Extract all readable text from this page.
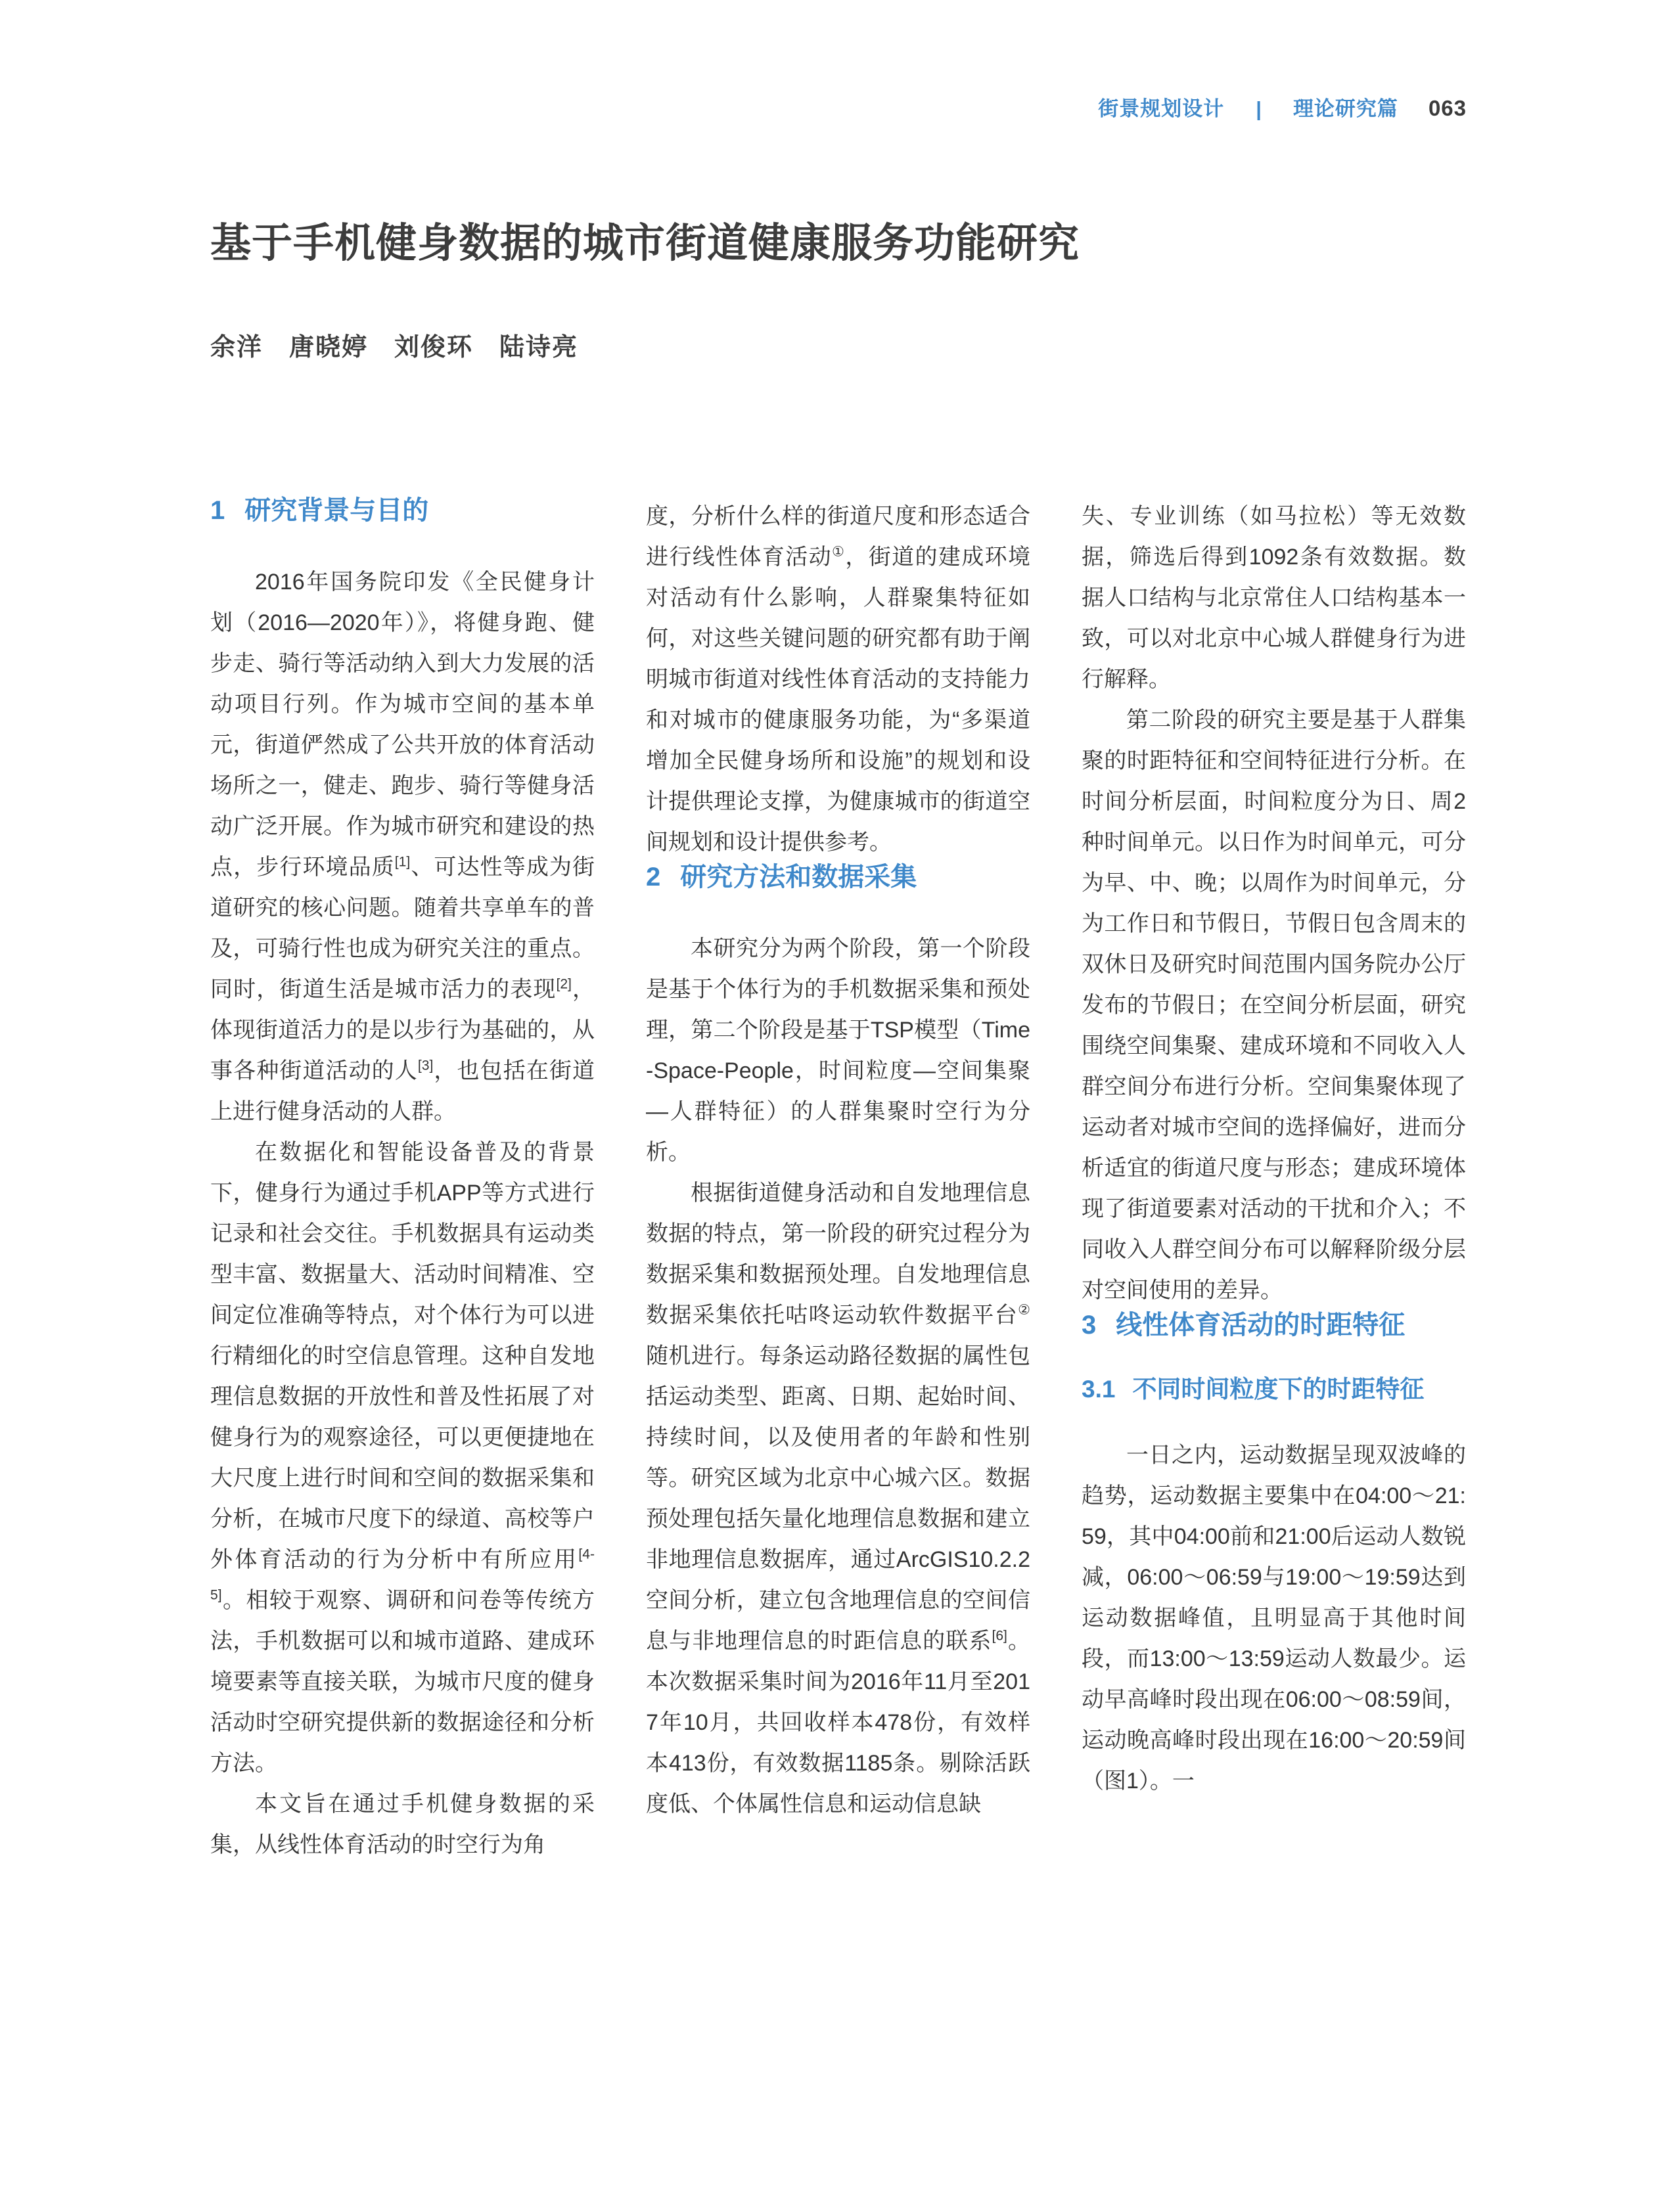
街景规划设计 | 理论研究篇 063
基于手机健身数据的城市街道健康服务功能研究
余洋　唐晓婷　刘俊环　陆诗亮
1 研究背景与目的

2016年国务院印发《全民健身计划（2016—2020年）》，将健身跑、健步走、骑行等活动纳入到大力发展的活动项目行列。作为城市空间的基本单元，街道俨然成了公共开放的体育活动场所之一，健走、跑步、骑行等健身活动广泛开展。作为城市研究和建设的热点，步行环境品质[1]、可达性等成为街道研究的核心问题。随着共享单车的普及，可骑行性也成为研究关注的重点。同时，街道生活是城市活力的表现[2]，体现街道活力的是以步行为基础的，从事各种街道活动的人[3]，也包括在街道上进行健身活动的人群。

在数据化和智能设备普及的背景下，健身行为通过手机APP等方式进行记录和社会交往。手机数据具有运动类型丰富、数据量大、活动时间精准、空间定位准确等特点，对个体行为可以进行精细化的时空信息管理。这种自发地理信息数据的开放性和普及性拓展了对健身行为的观察途径，可以更便捷地在大尺度上进行时间和空间的数据采集和分析，在城市尺度下的绿道、高校等户外体育活动的行为分析中有所应用[4-5]。相较于观察、调研和问卷等传统方法，手机数据可以和城市道路、建成环境要素等直接关联，为城市尺度的健身活动时空研究提供新的数据途径和分析方法。

本文旨在通过手机健身数据的采集，从线性体育活动的时空行为角

度，分析什么样的街道尺度和形态适合进行线性体育活动①，街道的建成环境对活动有什么影响，人群聚集特征如何，对这些关键问题的研究都有助于阐明城市街道对线性体育活动的支持能力和对城市的健康服务功能，为“多渠道增加全民健身场所和设施”的规划和设计提供理论支撑，为健康城市的街道空间规划和设计提供参考。

2 研究方法和数据采集

本研究分为两个阶段，第一个阶段是基于个体行为的手机数据采集和预处理，第二个阶段是基于TSP模型（Time-Space-People，时间粒度—空间集聚—人群特征）的人群集聚时空行为分析。

根据街道健身活动和自发地理信息数据的特点，第一阶段的研究过程分为数据采集和数据预处理。自发地理信息数据采集依托咕咚运动软件数据平台②随机进行。每条运动路径数据的属性包括运动类型、距离、日期、起始时间、持续时间，以及使用者的年龄和性别等。研究区域为北京中心城六区。数据预处理包括矢量化地理信息数据和建立非地理信息数据库，通过ArcGIS10.2.2空间分析，建立包含地理信息的空间信息与非地理信息的时距信息的联系[6]。本次数据采集时间为2016年11月至2017年10月，共回收样本478份，有效样本413份，有效数据1185条。剔除活跃度低、个体属性信息和运动信息缺

失、专业训练（如马拉松）等无效数据，筛选后得到1092条有效数据。数据人口结构与北京常住人口结构基本一致，可以对北京中心城人群健身行为进行解释。

第二阶段的研究主要是基于人群集聚的时距特征和空间特征进行分析。在时间分析层面，时间粒度分为日、周2种时间单元。以日作为时间单元，可分为早、中、晚；以周作为时间单元，分为工作日和节假日，节假日包含周末的双休日及研究时间范围内国务院办公厅发布的节假日；在空间分析层面，研究围绕空间集聚、建成环境和不同收入人群空间分布进行分析。空间集聚体现了运动者对城市空间的选择偏好，进而分析适宜的街道尺度与形态；建成环境体现了街道要素对活动的干扰和介入；不同收入人群空间分布可以解释阶级分层对空间使用的差异。

3 线性体育活动的时距特征
3.1 不同时间粒度下的时距特征

一日之内，运动数据呈现双波峰的趋势，运动数据主要集中在04:00～21:59，其中04:00前和21:00后运动人数锐减，06:00～06:59与19:00～19:59达到运动数据峰值，且明显高于其他时间段，而13:00～13:59运动人数最少。运动早高峰时段出现在06:00～08:59间，运动晚高峰时段出现在16:00～20:59间（图1）。一
